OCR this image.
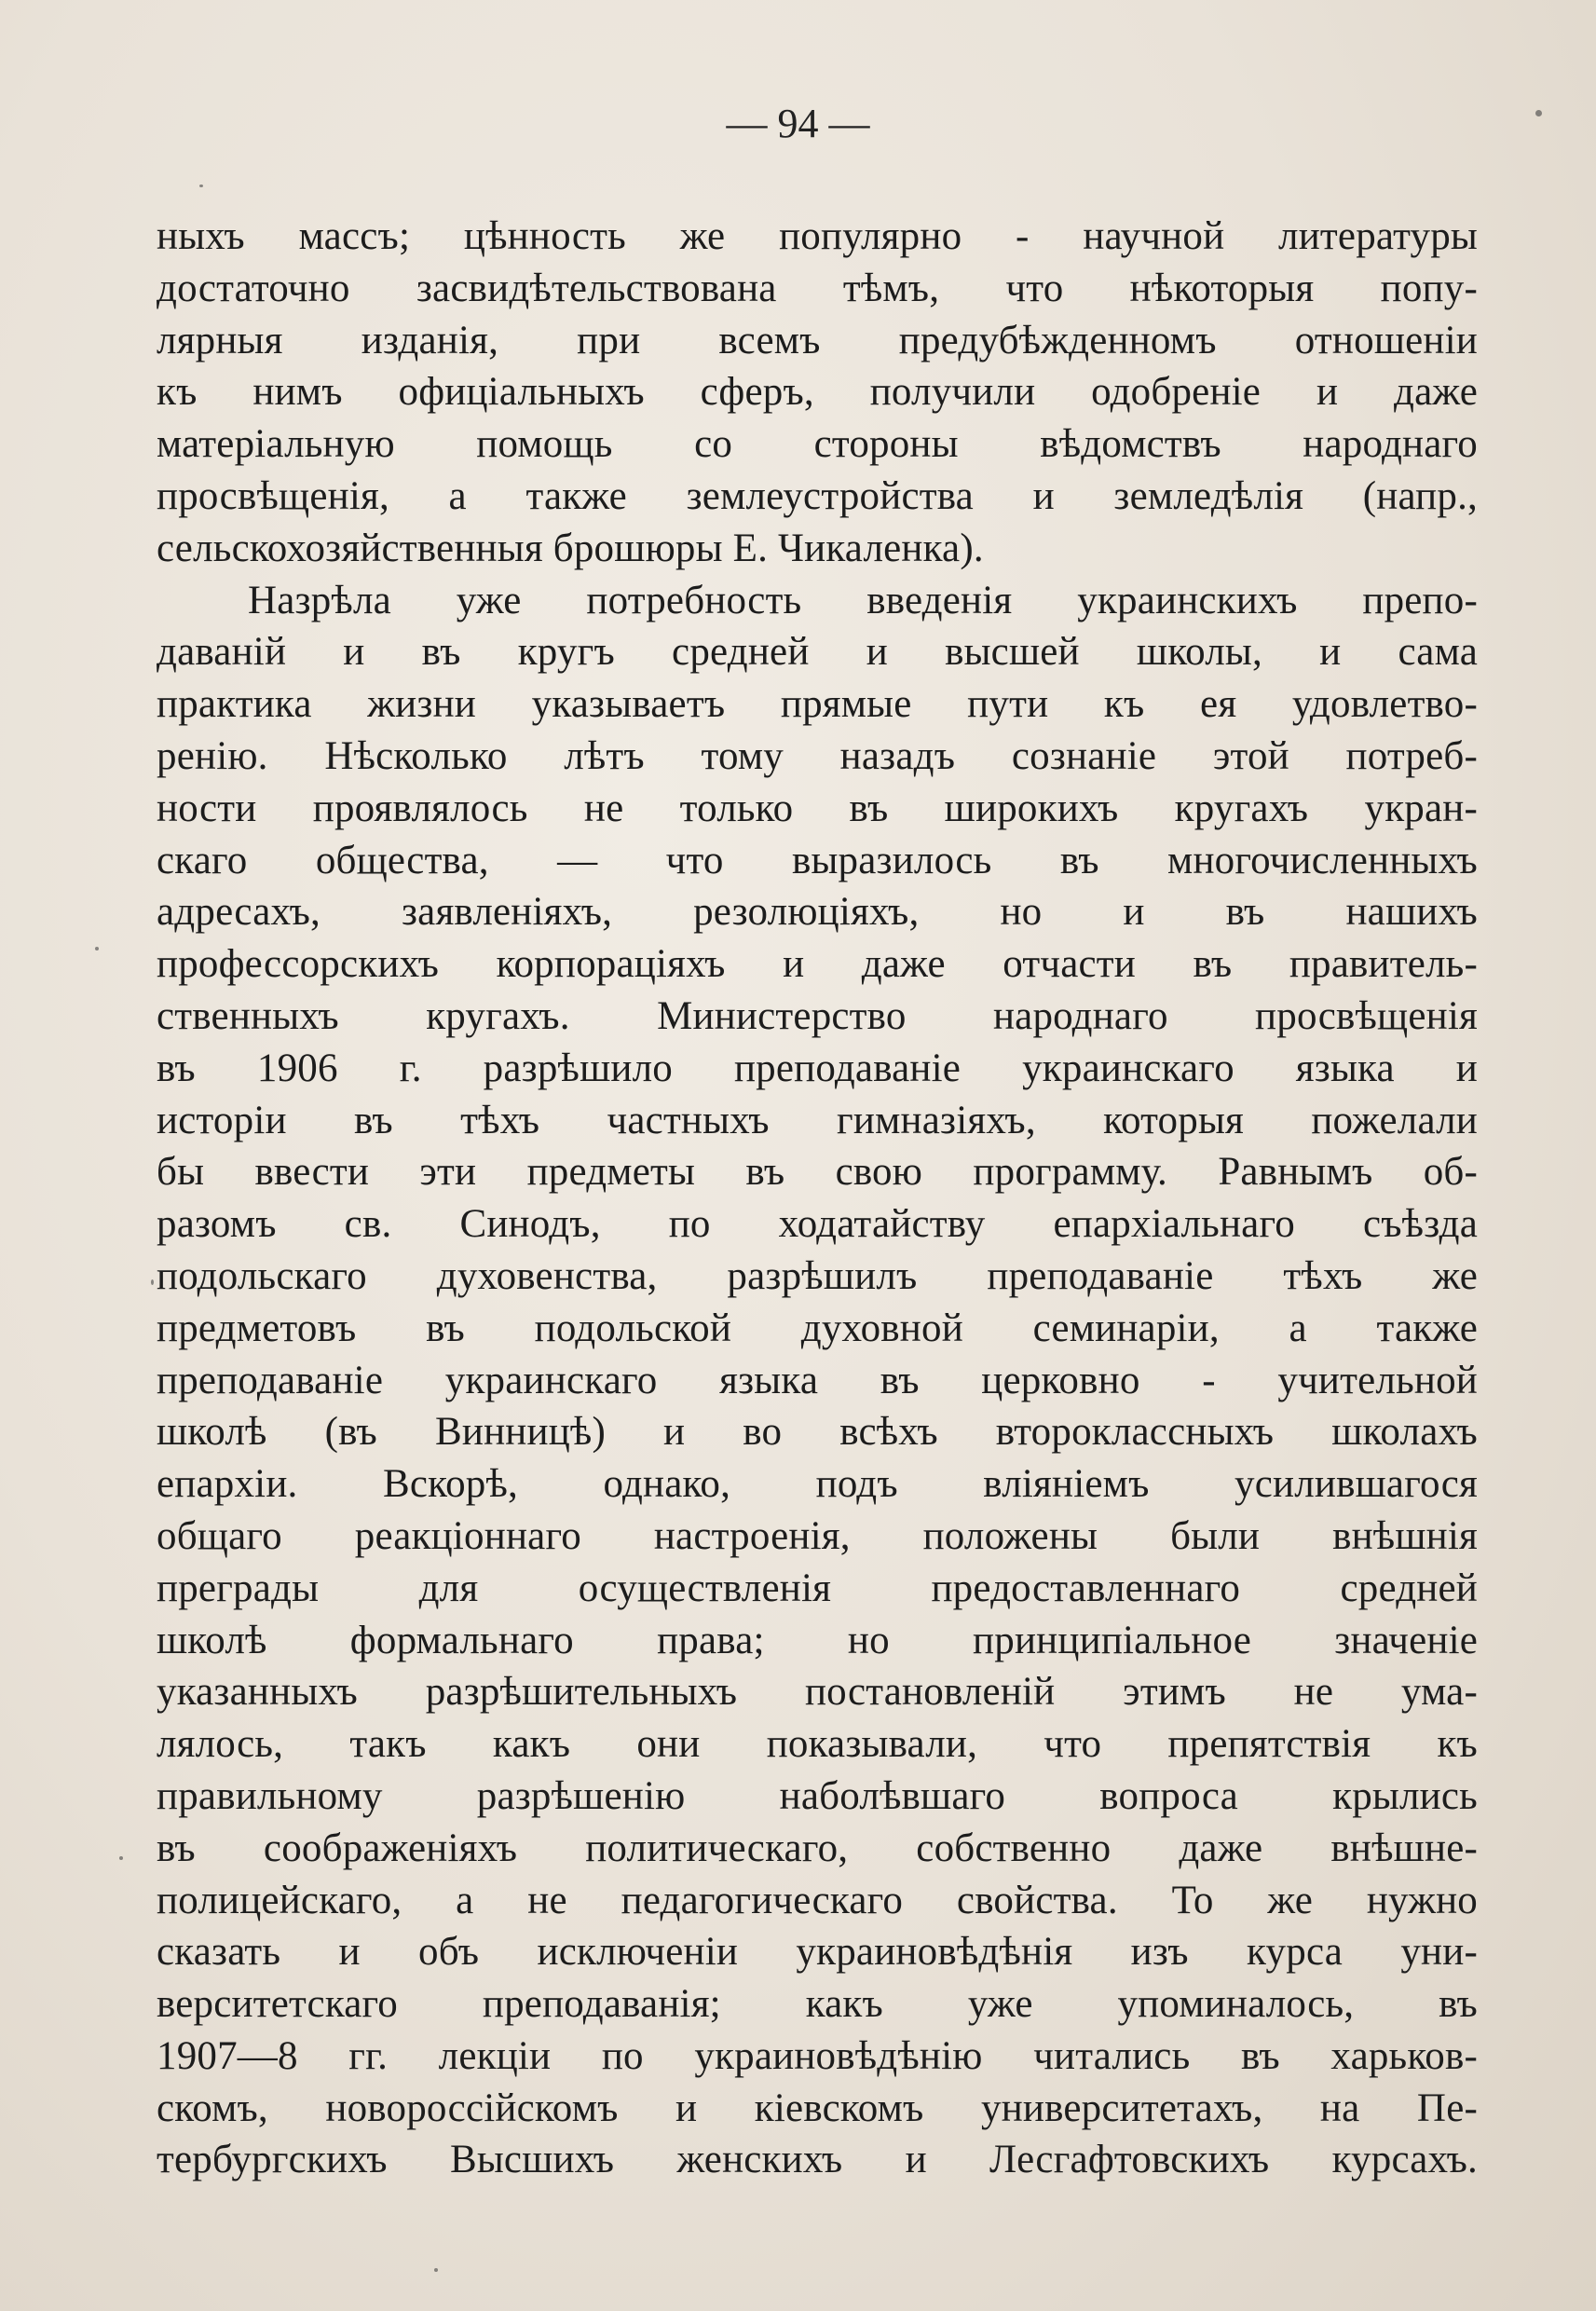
— 94 —
ныхъ массъ; цѣнность же популярно - научной литературы
достаточно засвидѣтельствована тѣмъ, что нѣкоторыя попу-
лярныя изданія, при всемъ предубѣжденномъ отношеніи
къ нимъ офиціальныхъ сферъ, получили одобреніе и даже
матеріальную помощь со стороны вѣдомствъ народнаго
просвѣщенія, а также землеустройства и земледѣлія (напр.,
сельскохозяйственныя брошюры Е. Чикаленка).
Назрѣла уже потребность введенія украинскихъ препо-
даваній и въ кругъ средней и высшей школы, и сама
практика жизни указываетъ прямые пути къ ея удовлетво-
ренію. Нѣсколько лѣтъ тому назадъ сознаніе этой потреб-
ности проявлялось не только въ широкихъ кругахъ укран-
скаго общества, — что выразилось въ многочисленныхъ
адресахъ, заявленіяхъ, резолюціяхъ, но и въ нашихъ
профессорскихъ корпораціяхъ и даже отчасти въ правитель-
ственныхъ кругахъ. Министерство народнаго просвѣщенія
въ 1906 г. разрѣшило преподаваніе украинскаго языка и
исторіи въ тѣхъ частныхъ гимназіяхъ, которыя пожелали
бы ввести эти предметы въ свою программу. Равнымъ об-
разомъ св. Синодъ, по ходатайству епархіальнаго съѣзда
подольскаго духовенства, разрѣшилъ преподаваніе тѣхъ же
предметовъ въ подольской духовной семинаріи, а также
преподаваніе украинскаго языка въ церковно - учительной
школѣ (въ Винницѣ) и во всѣхъ второклассныхъ школахъ
епархіи. Вскорѣ, однако, подъ вліяніемъ усилившагося
общаго реакціоннаго настроенія, положены были внѣшнія
преграды для осуществленія предоставленнаго средней
школѣ формальнаго права; но принципіальное значеніе
указанныхъ разрѣшительныхъ постановленій этимъ не ума-
лялось, такъ какъ они показывали, что препятствія къ
правильному разрѣшенію наболѣвшаго вопроса крылись
въ соображеніяхъ политическаго, собственно даже внѣшне-
полицейскаго, а не педагогическаго свойства. То же нужно
сказать и объ исключеніи украиновѣдѣнія изъ курса уни-
верситетскаго преподаванія; какъ уже упоминалось, въ
1907—8 гг. лекціи по украиновѣдѣнію читались въ харьков-
скомъ, новороссійскомъ и кіевскомъ университетахъ, на Пе-
тербургскихъ Высшихъ женскихъ и Лесгафтовскихъ курсахъ.
